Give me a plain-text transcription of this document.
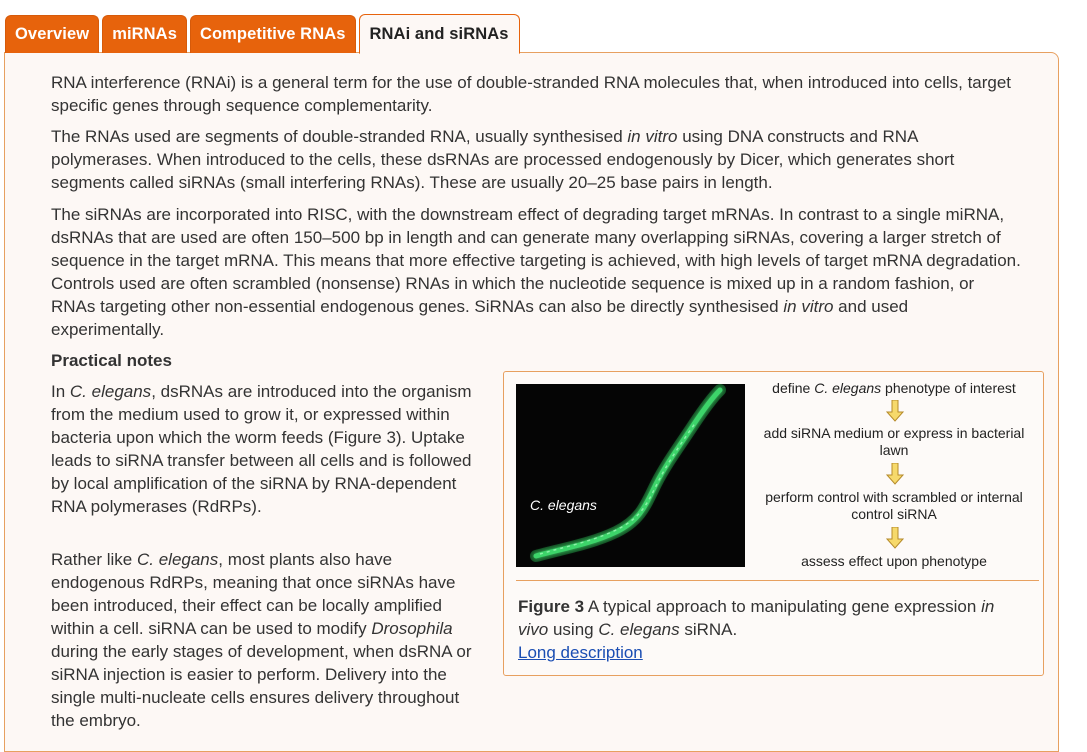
Overview	miRNAs	Competitive RNAs	RNAi and siRNAs

RNA interference (RNAi) is a general term for the use of double-stranded RNA molecules that, when introduced into cells, target specific genes through sequence complementarity.

The RNAs used are segments of double-stranded RNA, usually synthesised in vitro using DNA constructs and RNA polymerases. When introduced to the cells, these dsRNAs are processed endogenously by Dicer, which generates short segments called siRNAs (small interfering RNAs). These are usually 20–25 base pairs in length.

The siRNAs are incorporated into RISC, with the downstream effect of degrading target mRNAs. In contrast to a single miRNA, dsRNAs that are used are often 150–500 bp in length and can generate many overlapping siRNAs, covering a larger stretch of sequence in the target mRNA. This means that more effective targeting is achieved, with high levels of target mRNA degradation. Controls used are often scrambled (nonsense) RNAs in which the nucleotide sequence is mixed up in a random fashion, or RNAs targeting other non-essential endogenous genes. SiRNAs can also be directly synthesised in vitro and used experimentally.

Practical notes

In C. elegans, dsRNAs are introduced into the organism from the medium used to grow it, or expressed within bacteria upon which the worm feeds (Figure 3). Uptake leads to siRNA transfer between all cells and is followed by local amplification of the siRNA by RNA-dependent RNA polymerases (RdRPs).

Rather like C. elegans, most plants also have endogenous RdRPs, meaning that once siRNAs have been introduced, their effect can be locally amplified within a cell. siRNA can be used to modify Drosophila during the early stages of development, when dsRNA or siRNA injection is easier to perform. Delivery into the single multi-nucleate cells ensures delivery throughout the embryo.

C. elegans
define C. elegans phenotype of interest
add siRNA medium or express in bacterial lawn
perform control with scrambled or internal control siRNA
assess effect upon phenotype
Figure 3 A typical approach to manipulating gene expression in vivo using C. elegans siRNA.
Long description
